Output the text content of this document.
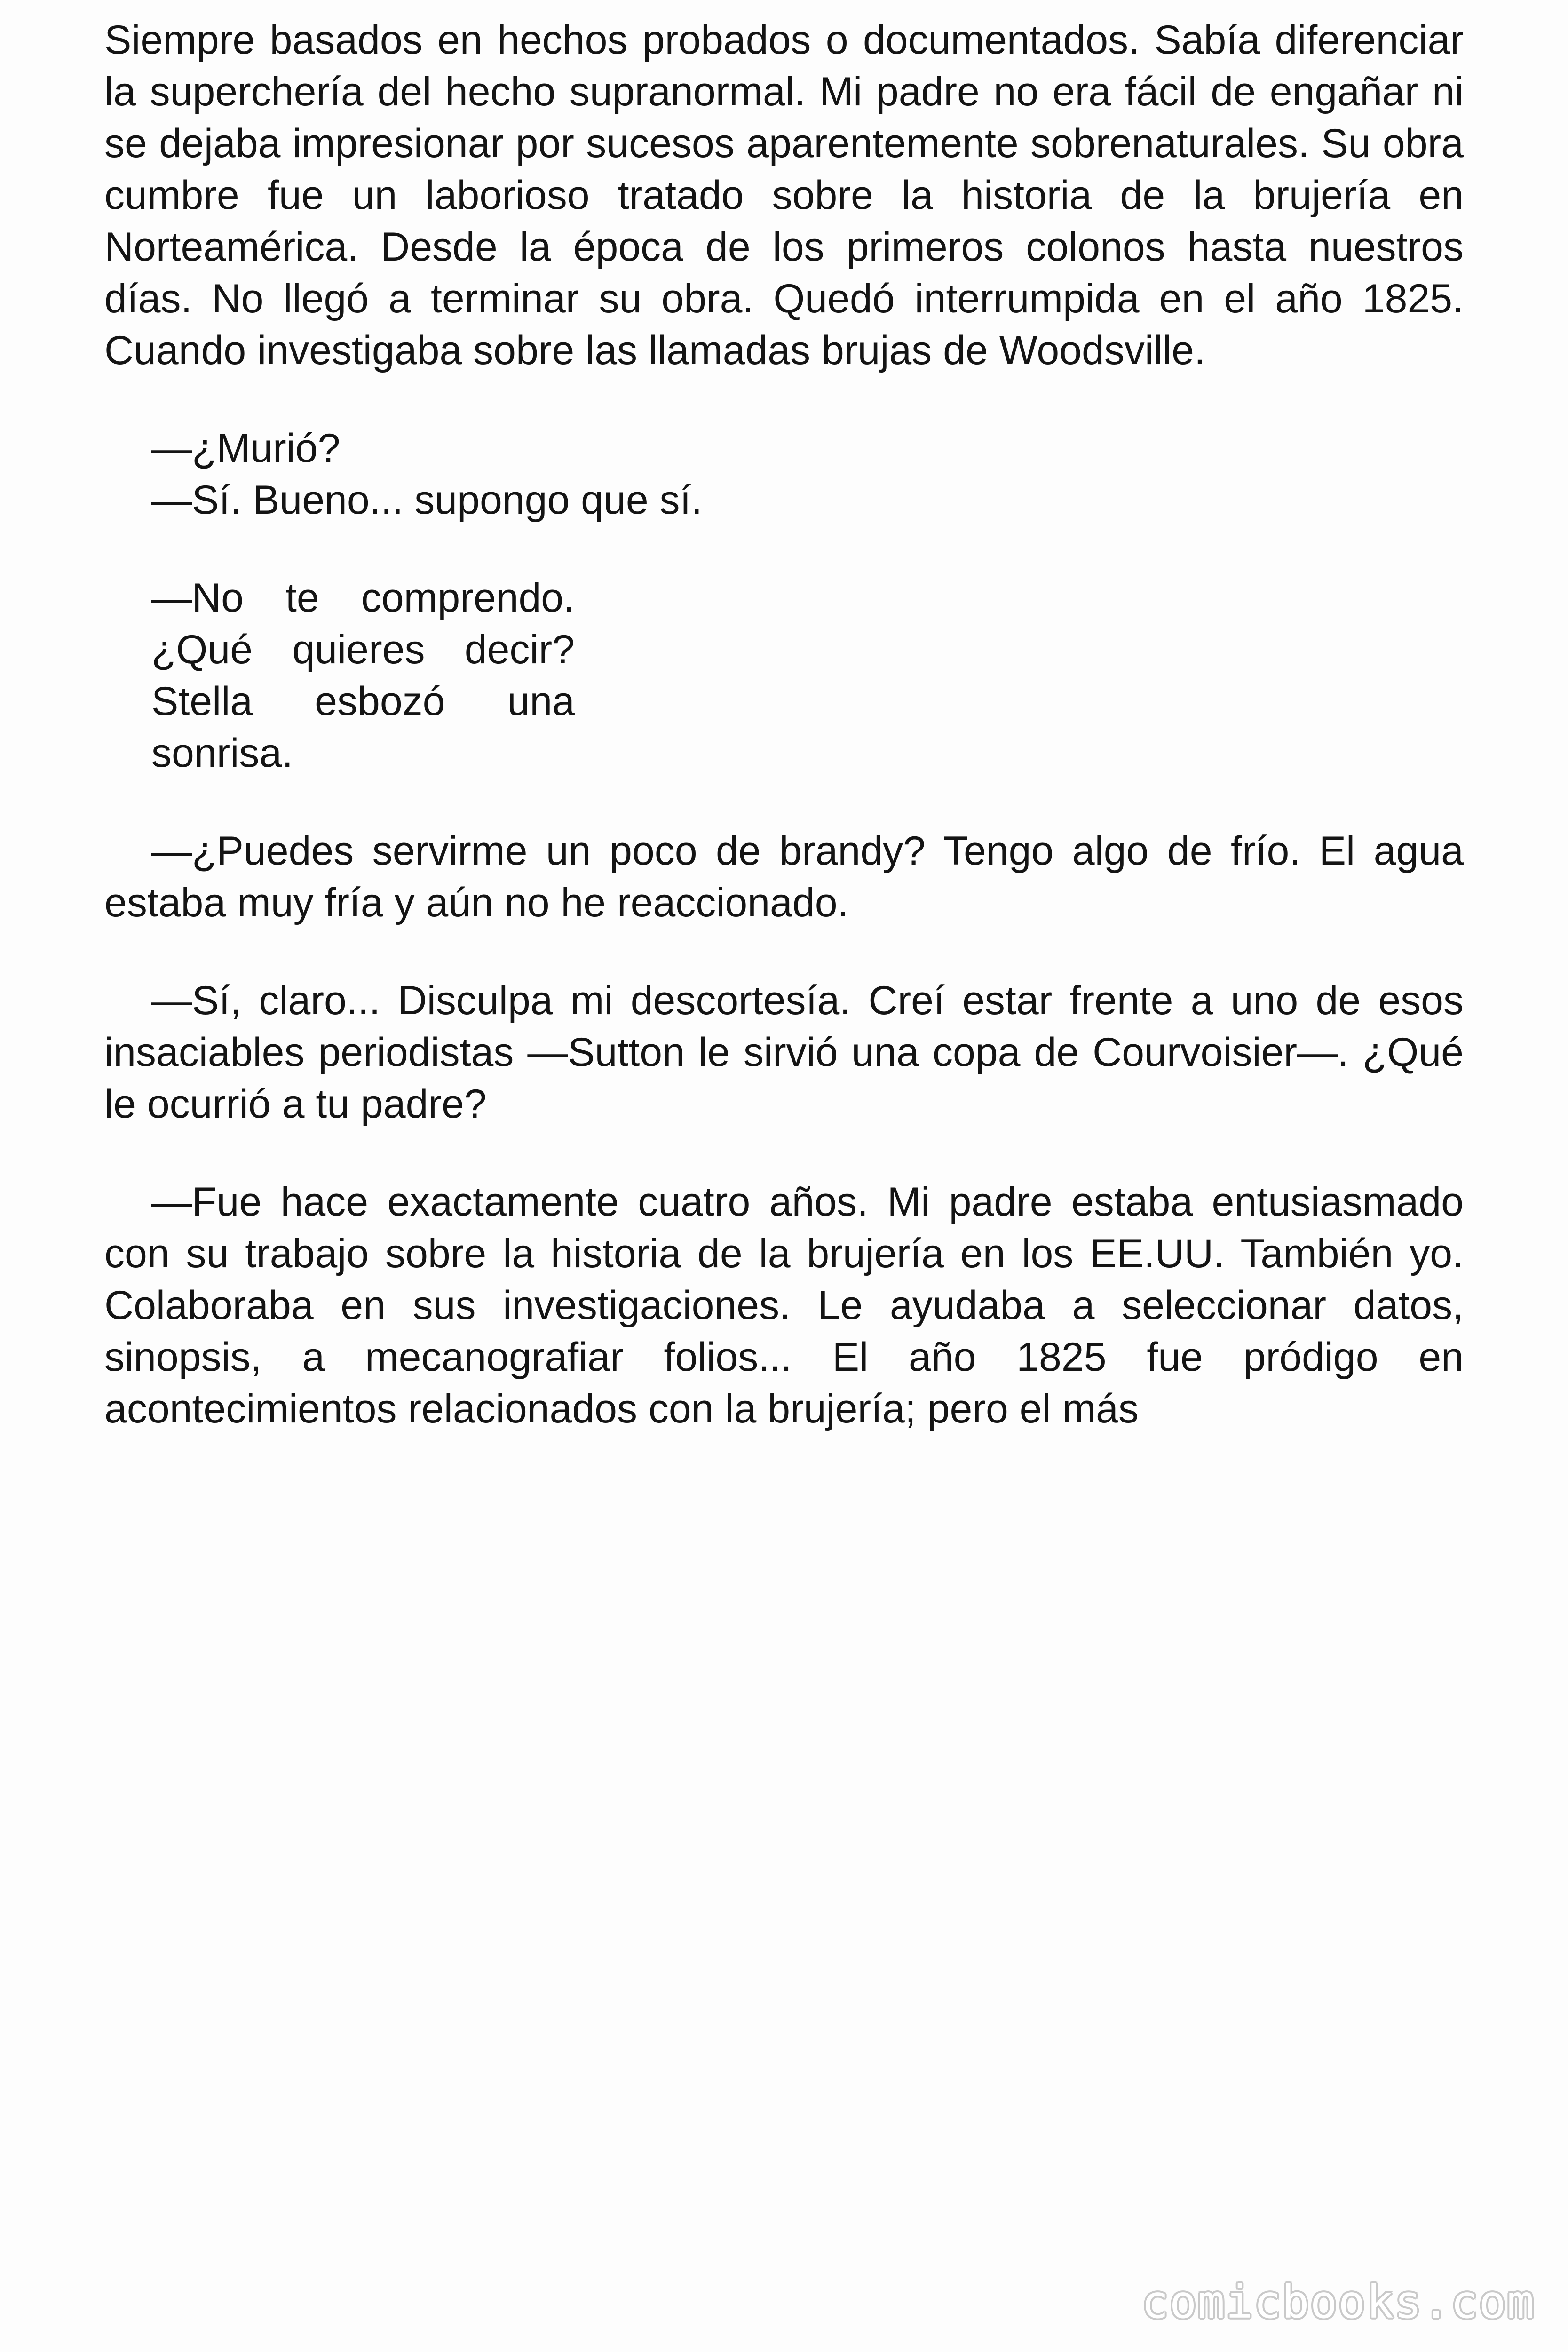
Siempre basados en hechos probados o documentados. Sabía diferenciar la superchería del hecho supranormal. Mi padre no era fácil de engañar ni se dejaba impresionar por sucesos aparentemente sobrenaturales. Su obra cumbre fue un laborioso tratado sobre la historia de la brujería en Norteamérica. Desde la época de los primeros colonos hasta nuestros días. No llegó a terminar su obra. Quedó interrumpida en el año 1825. Cuando investigaba sobre las llamadas brujas de Woodsville.

—¿Murió?

—Sí. Bueno... supongo que sí.

—No te comprendo. ¿Qué quieres decir? Stella esbozó una sonrisa.

—¿Puedes servirme un poco de brandy? Tengo algo de frío. El agua estaba muy fría y aún no he reaccionado.

—Sí, claro... Disculpa mi descortesía. Creí estar frente a uno de esos insaciables periodistas —Sutton le sirvió una copa de Courvoisier—. ¿Qué le ocurrió a tu padre?

—Fue hace exactamente cuatro años. Mi padre estaba entusiasmado con su trabajo sobre la historia de la brujería en los EE.UU. También yo. Colaboraba en sus investigaciones. Le ayudaba a seleccionar datos, sinopsis, a mecanografiar folios... El año 1825 fue pródigo en acontecimientos relacionados con la brujería; pero el más

comicbooks.com
